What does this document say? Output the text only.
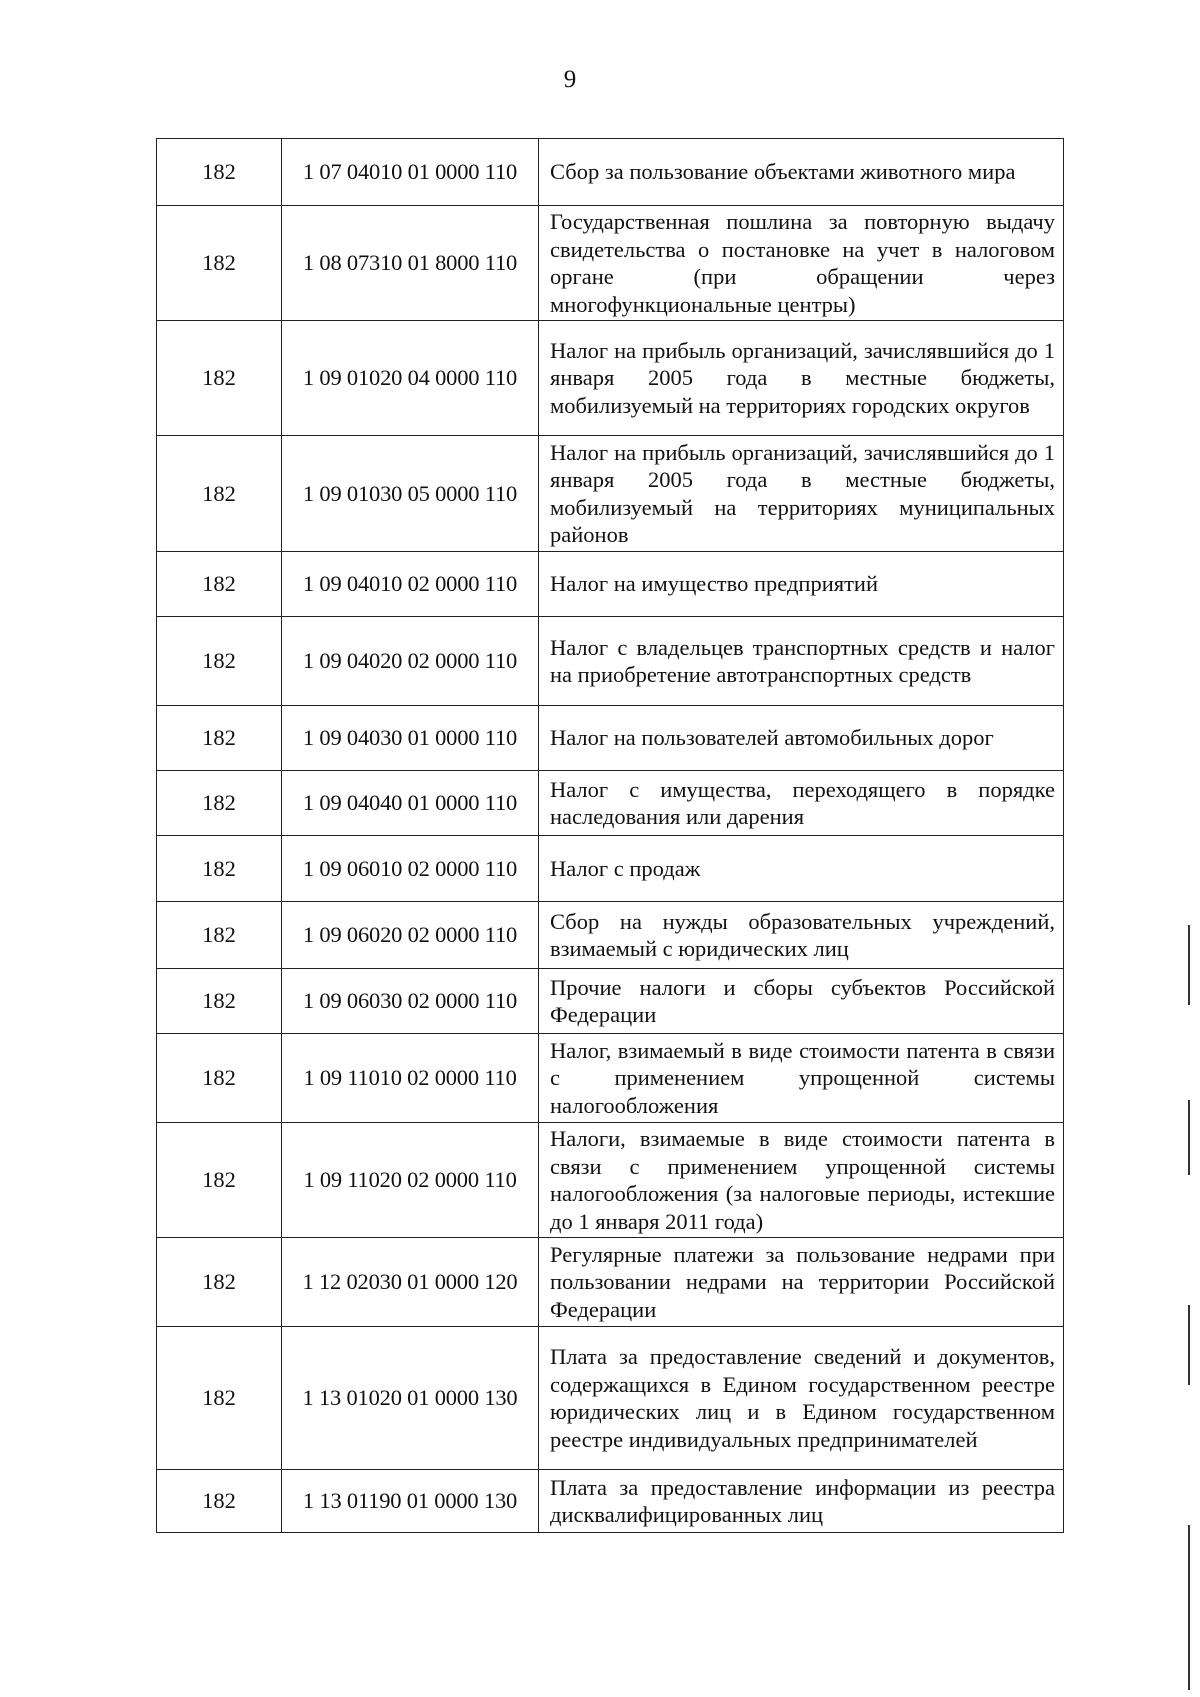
9
182	1 07 04010 01 0000 110	Сбор за пользование объектами животного мира
182	1 08 07310 01 8000 110	Государственная пошлина за повторную выдачу свидетельства о постановке на учет в налоговом органе (при обращении через многофункциональные центры)
182	1 09 01020 04 0000 110	Налог на прибыль организаций, зачислявшийся до 1 января 2005 года в местные бюджеты, мобилизуемый на территориях городских округов
182	1 09 01030 05 0000 110	Налог на прибыль организаций, зачислявшийся до 1 января 2005 года в местные бюджеты, мобилизуемый на территориях муниципальных районов
182	1 09 04010 02 0000 110	Налог на имущество предприятий
182	1 09 04020 02 0000 110	Налог с владельцев транспортных средств и налог на приобретение автотранспортных средств
182	1 09 04030 01 0000 110	Налог на пользователей автомобильных дорог
182	1 09 04040 01 0000 110	Налог с имущества, переходящего в порядке наследования или дарения
182	1 09 06010 02 0000 110	Налог с продаж
182	1 09 06020 02 0000 110	Сбор на нужды образовательных учреждений, взимаемый с юридических лиц
182	1 09 06030 02 0000 110	Прочие налоги и сборы субъектов Российской Федерации
182	1 09 11010 02 0000 110	Налог, взимаемый в виде стоимости патента в связи с применением упрощенной системы налогообложения
182	1 09 11020 02 0000 110	Налоги, взимаемые в виде стоимости патента в связи с применением упрощенной системы налогообложения (за налоговые периоды, истекшие до 1 января 2011 года)
182	1 12 02030 01 0000 120	Регулярные платежи за пользование недрами при пользовании недрами на территории Российской Федерации
182	1 13 01020 01 0000 130	Плата за предоставление сведений и документов, содержащихся в Едином государственном реестре юридических лиц и в Едином государственном реестре индивидуальных предпринимателей
182	1 13 01190 01 0000 130	Плата за предоставление информации из реестра дисквалифицированных лиц
